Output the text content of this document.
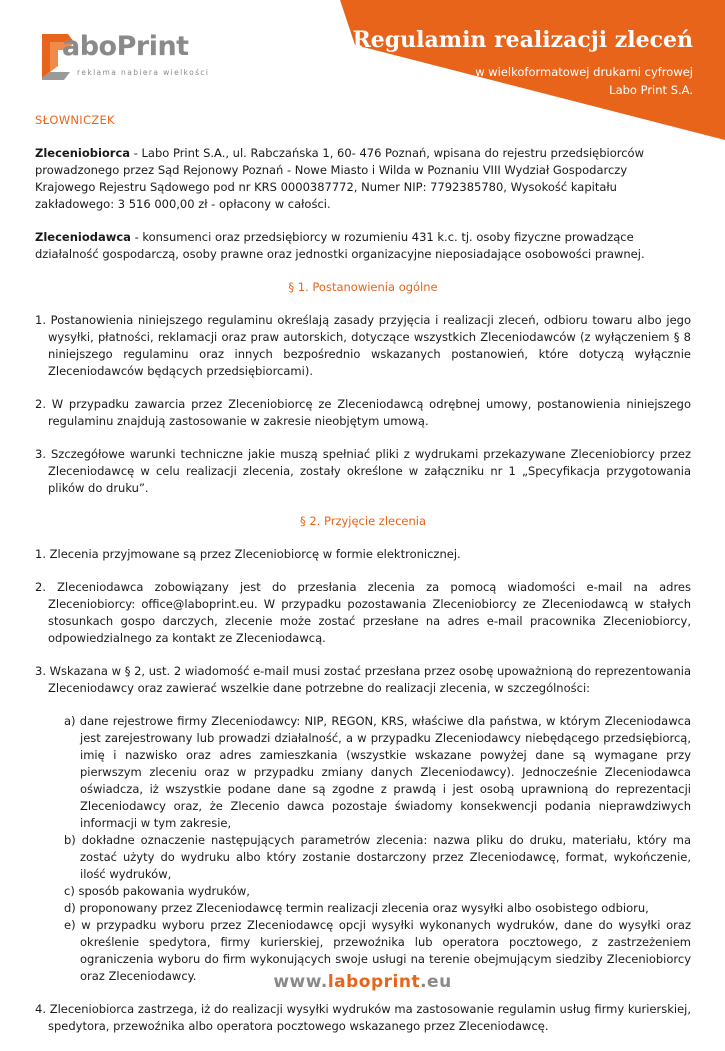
aboPrint
reklama nabiera wielkości
Regulamin realizacji zleceń
w wielkoformatowej drukarni cyfrowej
Labo Print S.A.
SŁOWNICZEK
Zleceniobiorca - Labo Print S.A., ul. Rabczańska 1, 60- 476 Poznań, wpisana do rejestru przedsiębiorców prowadzonego przez Sąd Rejonowy Poznań - Nowe Miasto i Wilda w Poznaniu VIII Wydział Gospodarczy Krajowego Rejestru Sądowego pod nr KRS 0000387772, Numer NIP: 7792385780, Wysokość kapitału zakładowego: 3 516 000,00 zł - opłacony w całości.
Zleceniodawca - konsumenci oraz przedsiębiorcy w rozumieniu 431 k.c. tj. osoby fizyczne prowadzące działalność gospodarczą, osoby prawne oraz jednostki organizacyjne nieposiadające osobowości prawnej.
§ 1. Postanowienia ogólne
1. Postanowienia niniejszego regulaminu określają zasady przyjęcia i realizacji zleceń, odbioru towaru albo jego wysyłki, płatności, reklamacji oraz praw autorskich, dotyczące wszystkich Zleceniodawców (z wyłączeniem § 8 niniejszego regulaminu oraz innych bezpośrednio wskazanych postanowień, które dotyczą wyłącznie Zleceniodawców będących przedsiębiorcami).
2. W przypadku zawarcia przez Zleceniobiorcę ze Zleceniodawcą odrębnej umowy, postanowienia niniejszego regulaminu znajdują zastosowanie w zakresie nieobjętym umową.
3. Szczegółowe warunki techniczne jakie muszą spełniać pliki z wydrukami przekazywane Zleceniobiorcy przez Zleceniodawcę w celu realizacji zlecenia, zostały określone w załączniku nr 1 „Specyfikacja przygotowania plików do druku”.
§ 2. Przyjęcie zlecenia
1. Zlecenia przyjmowane są przez Zleceniobiorcę w formie elektronicznej.
2. Zleceniodawca zobowiązany jest do przesłania zlecenia za pomocą wiadomości e-mail na adres Zleceniobiorcy: office@laboprint.eu. W przypadku pozostawania Zleceniobiorcy ze Zleceniodawcą w stałych stosunkach gospo darczych, zlecenie może zostać przesłane na adres e-mail pracownika Zleceniobiorcy, odpowiedzialnego za kontakt ze Zleceniodawcą.
3. Wskazana w § 2, ust. 2 wiadomość e-mail musi zostać przesłana przez osobę upoważnioną do reprezentowania Zleceniodawcy oraz zawierać wszelkie dane potrzebne do realizacji zlecenia, w szczególności:
a) dane rejestrowe firmy Zleceniodawcy: NIP, REGON, KRS, właściwe dla państwa, w którym Zleceniodawca jest zarejestrowany lub prowadzi działalność, a w przypadku Zleceniodawcy niebędącego przedsiębiorcą, imię i nazwisko oraz adres zamieszkania (wszystkie wskazane powyżej dane są wymagane przy pierwszym zleceniu oraz w przypadku zmiany danych Zleceniodawcy). Jednocześnie Zleceniodawca oświadcza, iż wszystkie podane dane są zgodne z prawdą i jest osobą uprawnioną do reprezentacji Zleceniodawcy oraz, że Zlecenio dawca pozostaje świadomy konsekwencji podania nieprawdziwych informacji w tym zakresie,
b) dokładne oznaczenie następujących parametrów zlecenia: nazwa pliku do druku, materiału, który ma zostać użyty do wydruku albo który zostanie dostarczony przez Zleceniodawcę, format, wykończenie, ilość wydruków,
c) sposób pakowania wydruków,
d) proponowany przez Zleceniodawcę termin realizacji zlecenia oraz wysyłki albo osobistego odbioru,
e) w przypadku wyboru przez Zleceniodawcę opcji wysyłki wykonanych wydruków, dane do wysyłki oraz określenie spedytora, firmy kurierskiej, przewoźnika lub operatora pocztowego, z zastrzeżeniem ograniczenia wyboru do firm wykonujących swoje usługi na terenie obejmującym siedziby Zleceniobiorcy oraz Zleceniodawcy.
4. Zleceniobiorca zastrzega, iż do realizacji wysyłki wydruków ma zastosowanie regulamin usług firmy kurierskiej, spedytora, przewoźnika albo operatora pocztowego wskazanego przez Zleceniodawcę.
www.laboprint.eu
